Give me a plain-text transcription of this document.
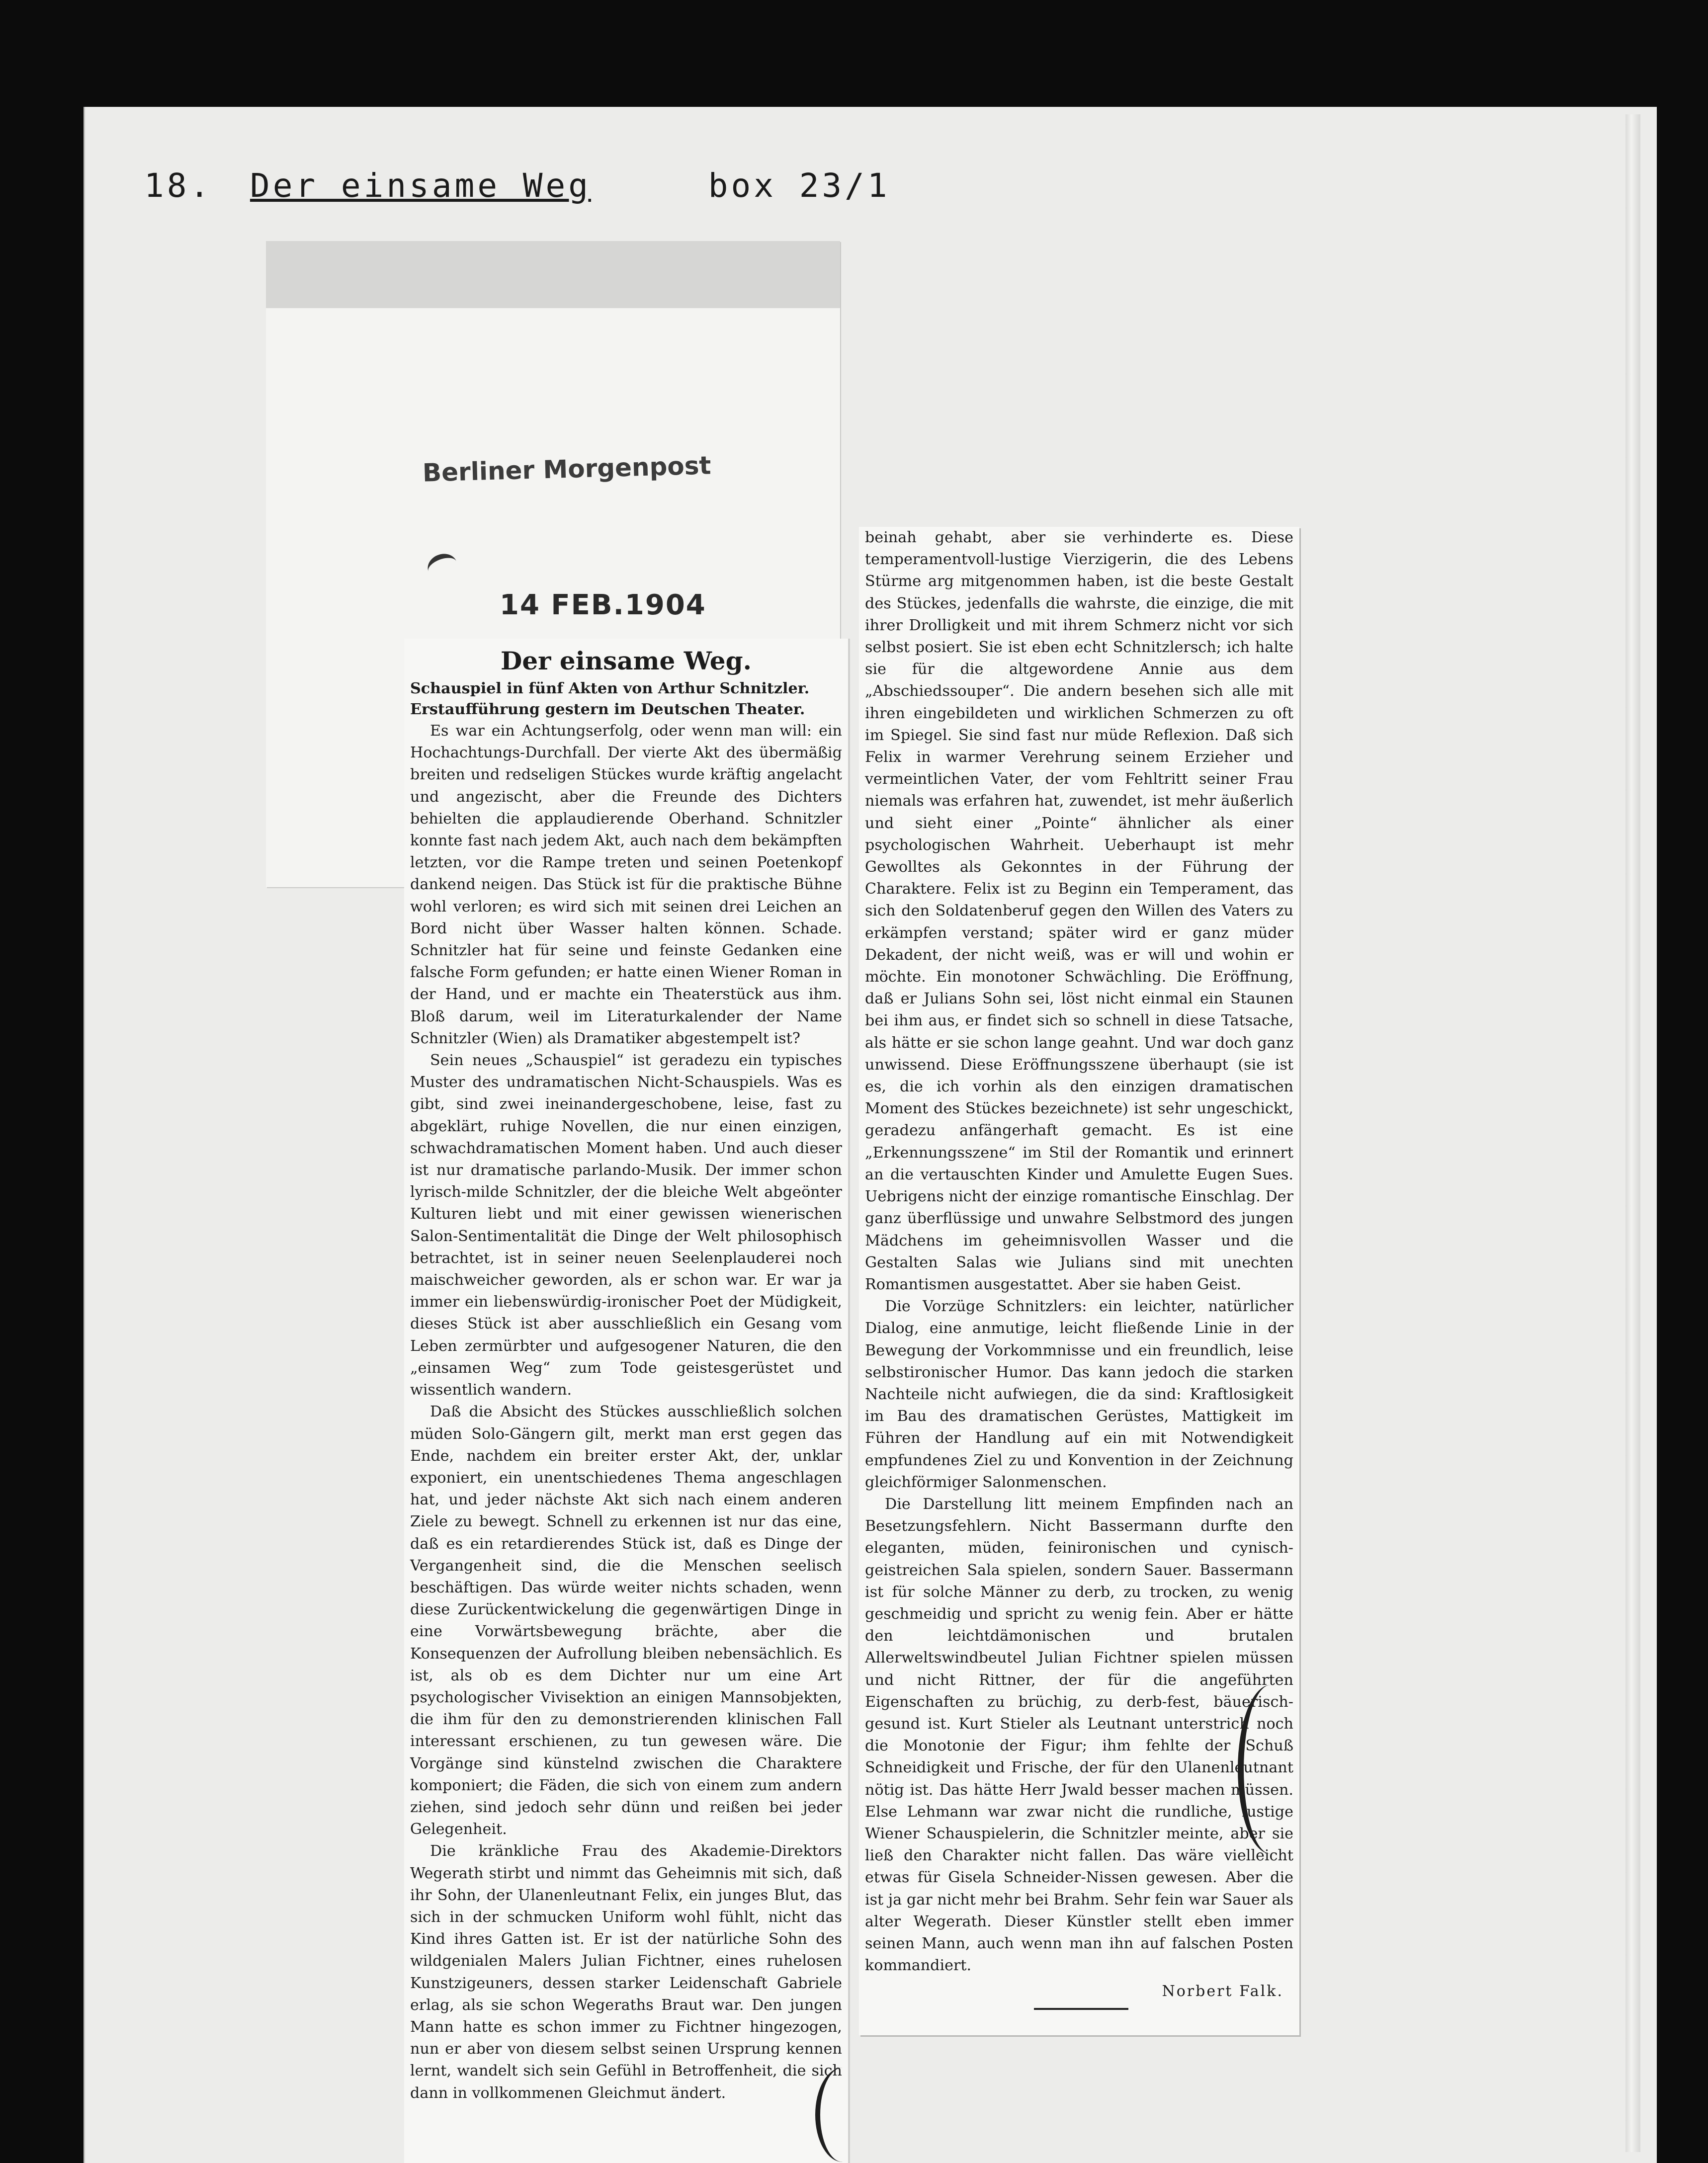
18. Der einsame Weg	box 23/1
Berliner Morgenpost
14 FEB.1904
Der einsame Weg.
Schauspiel in fünf Akten von Arthur Schnitzler.
Erstaufführung gestern im Deutschen Theater.

Es war ein Achtungserfolg, oder wenn man will: ein Hochachtungs-Durchfall. Der vierte Akt des übermäßig breiten und redseligen Stückes wurde kräftig angelacht und angezischt, aber die Freunde des Dichters behielten die applaudierende Oberhand. Schnitzler konnte fast nach jedem Akt, auch nach dem bekämpften letzten, vor die Rampe treten und seinen Poetenkopf dankend neigen. Das Stück ist für die praktische Bühne wohl verloren; es wird sich mit seinen drei Leichen an Bord nicht über Wasser halten können. Schade. Schnitzler hat für seine und feinste Gedanken eine falsche Form gefunden; er hatte einen Wiener Roman in der Hand, und er machte ein Theaterstück aus ihm. Bloß darum, weil im Literaturkalender der Name Schnitzler (Wien) als Dramatiker abgestempelt ist?

Sein neues „Schauspiel“ ist geradezu ein typisches Muster des undramatischen Nicht-Schauspiels. Was es gibt, sind zwei ineinandergeschobene, leise, fast zu abgeklärt, ruhige Novellen, die nur einen einzigen, schwachdramatischen Moment haben. Und auch dieser ist nur dramatische parlando-Musik. Der immer schon lyrisch-milde Schnitzler, der die bleiche Welt abgeönter Kulturen liebt und mit einer gewissen wienerischen Salon-Sentimentalität die Dinge der Welt philosophisch betrachtet, ist in seiner neuen Seelenplauderei noch maischweicher geworden, als er schon war. Er war ja immer ein liebenswürdig-ironischer Poet der Müdigkeit, dieses Stück ist aber ausschließlich ein Gesang vom Leben zermürbter und aufgesogener Naturen, die den „einsamen Weg“ zum Tode geistesgerüstet und wissentlich wandern.

Daß die Absicht des Stückes ausschließlich solchen müden Solo-Gängern gilt, merkt man erst gegen das Ende, nachdem ein breiter erster Akt, der, unklar exponiert, ein unentschiedenes Thema angeschlagen hat, und jeder nächste Akt sich nach einem anderen Ziele zu bewegt. Schnell zu erkennen ist nur das eine, daß es ein retardierendes Stück ist, daß es Dinge der Vergangenheit sind, die die Menschen seelisch beschäftigen. Das würde weiter nichts schaden, wenn diese Zurückentwickelung die gegenwärtigen Dinge in eine Vorwärtsbewegung brächte, aber die Konsequenzen der Aufrollung bleiben nebensächlich. Es ist, als ob es dem Dichter nur um eine Art psychologischer Vivisektion an einigen Mannsobjekten, die ihm für den zu demonstrierenden klinischen Fall interessant erschienen, zu tun gewesen wäre. Die Vorgänge sind künstelnd zwischen die Charaktere komponiert; die Fäden, die sich von einem zum andern ziehen, sind jedoch sehr dünn und reißen bei jeder Gelegenheit.

Die kränkliche Frau des Akademie-Direktors Wegerath stirbt und nimmt das Geheimnis mit sich, daß ihr Sohn, der Ulanenleutnant Felix, ein junges Blut, das sich in der schmucken Uniform wohl fühlt, nicht das Kind ihres Gatten ist. Er ist der natürliche Sohn des wildgenialen Malers Julian Fichtner, eines ruhelosen Kunstzigeuners, dessen starker Leidenschaft Gabriele erlag, als sie schon Wegeraths Braut war. Den jungen Mann hatte es schon immer zu Fichtner hingezogen, nun er aber von diesem selbst seinen Ursprung kennen lernt, wandelt sich sein Gefühl in Betroffenheit, die sich dann in vollkommenen Gleichmut ändert.

beinah gehabt, aber sie verhinderte es. Diese temperamentvoll-lustige Vierzigerin, die des Lebens Stürme arg mitgenommen haben, ist die beste Gestalt des Stückes, jedenfalls die wahrste, die einzige, die mit ihrer Drolligkeit und mit ihrem Schmerz nicht vor sich selbst posiert. Sie ist eben echt Schnitzlersch; ich halte sie für die altgewordene Annie aus dem „Abschiedssouper“. Die andern besehen sich alle mit ihren eingebildeten und wirklichen Schmerzen zu oft im Spiegel. Sie sind fast nur müde Reflexion. Daß sich Felix in warmer Verehrung seinem Erzieher und vermeintlichen Vater, der vom Fehltritt seiner Frau niemals was erfahren hat, zuwendet, ist mehr äußerlich und sieht einer „Pointe“ ähnlicher als einer psychologischen Wahrheit. Ueberhaupt ist mehr Gewolltes als Gekonntes in der Führung der Charaktere. Felix ist zu Beginn ein Temperament, das sich den Soldatenberuf gegen den Willen des Vaters zu erkämpfen verstand; später wird er ganz müder Dekadent, der nicht weiß, was er will und wohin er möchte. Ein monotoner Schwächling. Die Eröffnung, daß er Julians Sohn sei, löst nicht einmal ein Staunen bei ihm aus, er findet sich so schnell in diese Tatsache, als hätte er sie schon lange geahnt. Und war doch ganz unwissend. Diese Eröffnungsszene überhaupt (sie ist es, die ich vorhin als den einzigen dramatischen Moment des Stückes bezeichnete) ist sehr ungeschickt, geradezu anfängerhaft gemacht. Es ist eine „Erkennungsszene“ im Stil der Romantik und erinnert an die vertauschten Kinder und Amulette Eugen Sues. Uebrigens nicht der einzige romantische Einschlag. Der ganz überflüssige und unwahre Selbstmord des jungen Mädchens im geheimnisvollen Wasser und die Gestalten Salas wie Julians sind mit unechten Romantismen ausgestattet. Aber sie haben Geist.

Die Vorzüge Schnitzlers: ein leichter, natürlicher Dialog, eine anmutige, leicht fließende Linie in der Bewegung der Vorkommnisse und ein freundlich, leise selbstironischer Humor. Das kann jedoch die starken Nachteile nicht aufwiegen, die da sind: Kraftlosigkeit im Bau des dramatischen Gerüstes, Mattigkeit im Führen der Handlung auf ein mit Notwendigkeit empfundenes Ziel zu und Konvention in der Zeichnung gleichförmiger Salonmenschen.

Die Darstellung litt meinem Empfinden nach an Besetzungsfehlern. Nicht Bassermann durfte den eleganten, müden, feinironischen und cynisch-geistreichen Sala spielen, sondern Sauer. Bassermann ist für solche Männer zu derb, zu trocken, zu wenig geschmeidig und spricht zu wenig fein. Aber er hätte den leichtdämonischen und brutalen Allerweltswindbeutel Julian Fichtner spielen müssen und nicht Rittner, der für die angeführten Eigenschaften zu brüchig, zu derb-fest, bäuerisch-gesund ist. Kurt Stieler als Leutnant unterstrich noch die Monotonie der Figur; ihm fehlte der Schuß Schneidigkeit und Frische, der für den Ulanenleutnant nötig ist. Das hätte Herr Jwald besser machen müssen. Else Lehmann war zwar nicht die rundliche, lustige Wiener Schauspielerin, die Schnitzler meinte, aber sie ließ den Charakter nicht fallen. Das wäre vielleicht etwas für Gisela Schneider-Nissen gewesen. Aber die ist ja gar nicht mehr bei Brahm. Sehr fein war Sauer als alter Wegerath. Dieser Künstler stellt eben immer seinen Mann, auch wenn man ihn auf falschen Posten kommandiert.

Norbert Falk.
